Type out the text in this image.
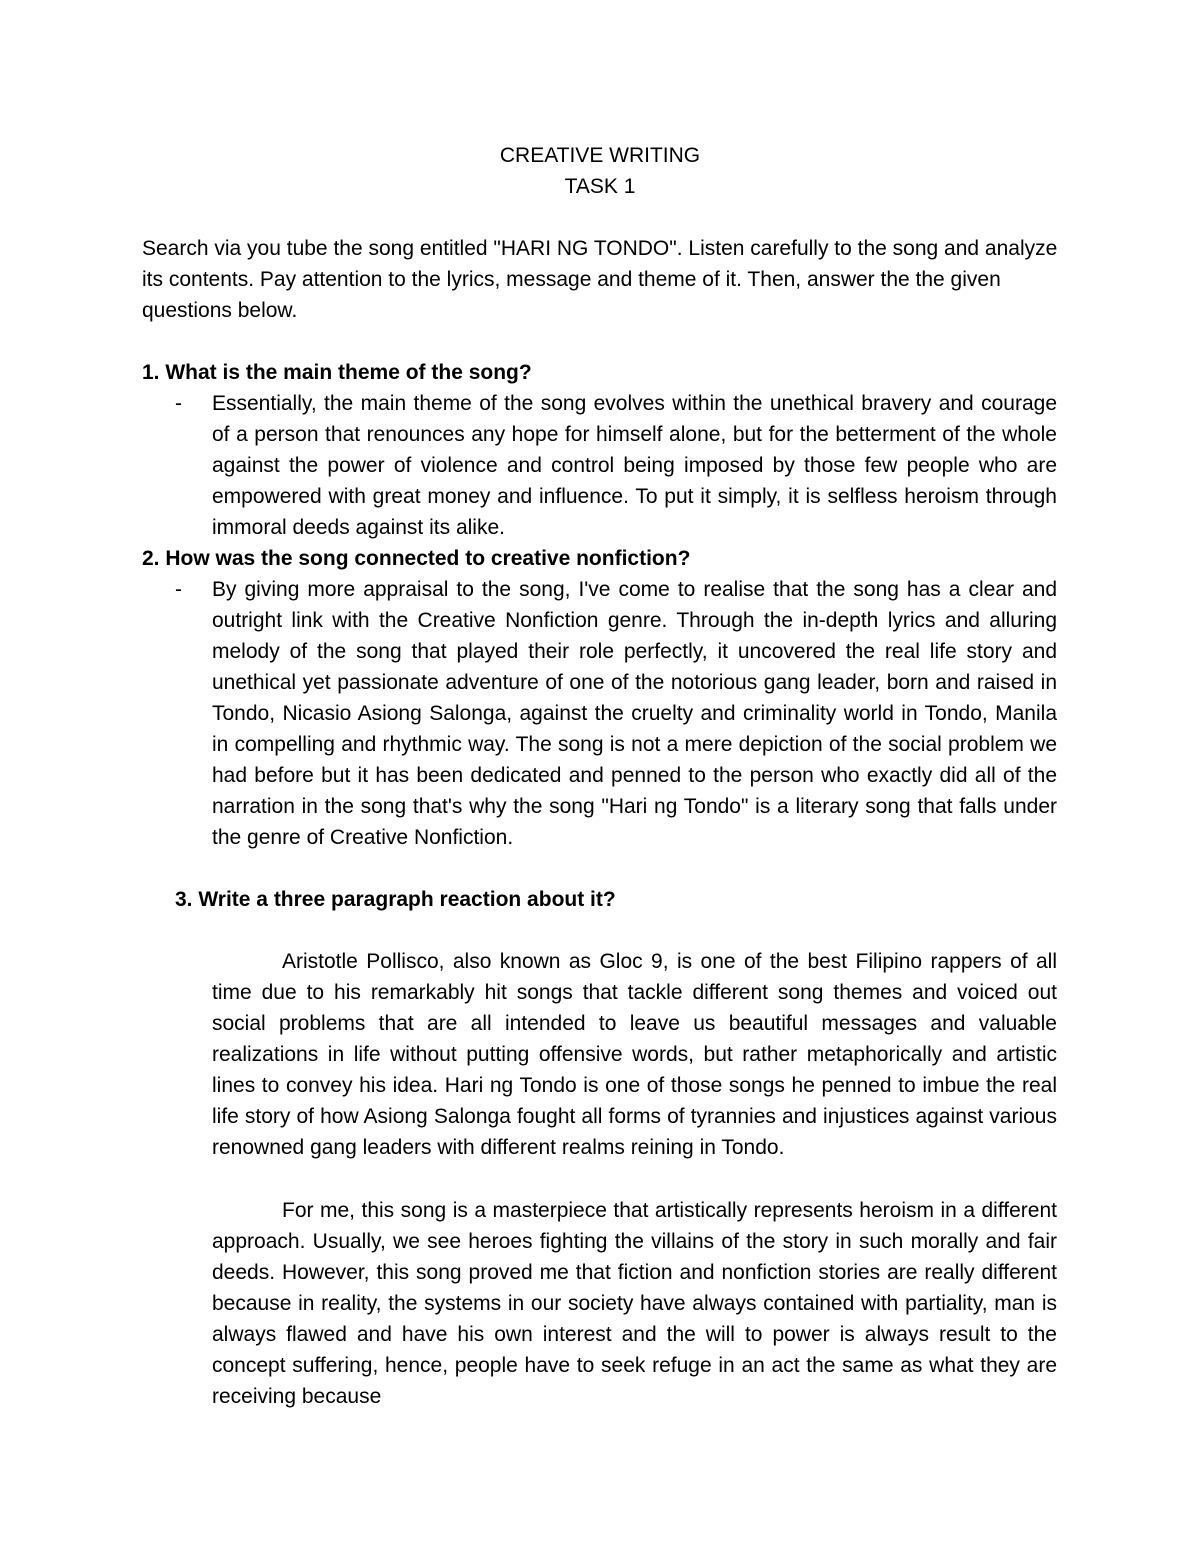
CREATIVE WRITING
TASK 1

Search via you tube the song entitled "HARI NG TONDO". Listen carefully to the song and analyze its contents. Pay attention to the lyrics, message and theme of it. Then, answer the the given questions below.

1. What is the main theme of the song?

- Essentially, the main theme of the song evolves within the unethical bravery and courage of a person that renounces any hope for himself alone, but for the betterment of the whole against the power of violence and control being imposed by those few people who are empowered with great money and influence. To put it simply, it is selfless heroism through immoral deeds against its alike.

2. How was the song connected to creative nonfiction?

- By giving more appraisal to the song, I've come to realise that the song has a clear and outright link with the Creative Nonfiction genre. Through the in-depth lyrics and alluring melody of the song that played their role perfectly, it uncovered the real life story and unethical yet passionate adventure of one of the notorious gang leader, born and raised in Tondo, Nicasio Asiong Salonga, against the cruelty and criminality world in Tondo, Manila in compelling and rhythmic way. The song is not a mere depiction of the social problem we had before but it has been dedicated and penned to the person who exactly did all of the narration in the song that's why the song "Hari ng Tondo" is a literary song that falls under the genre of Creative Nonfiction.

3. Write a three paragraph reaction about it?

Aristotle Pollisco, also known as Gloc 9, is one of the best Filipino rappers of all time due to his remarkably hit songs that tackle different song themes and voiced out social problems that are all intended to leave us beautiful messages and valuable realizations in life without putting offensive words, but rather metaphorically and artistic lines to convey his idea. Hari ng Tondo is one of those songs he penned to imbue the real life story of how Asiong Salonga fought all forms of tyrannies and injustices against various renowned gang leaders with different realms reining in Tondo.

For me, this song is a masterpiece that artistically represents heroism in a different approach. Usually, we see heroes fighting the villains of the story in such morally and fair deeds. However, this song proved me that fiction and nonfiction stories are really different because in reality, the systems in our society have always contained with partiality, man is always flawed and have his own interest and the will to power is always result to the concept suffering, hence, people have to seek refuge in an act the same as what they are receiving because
